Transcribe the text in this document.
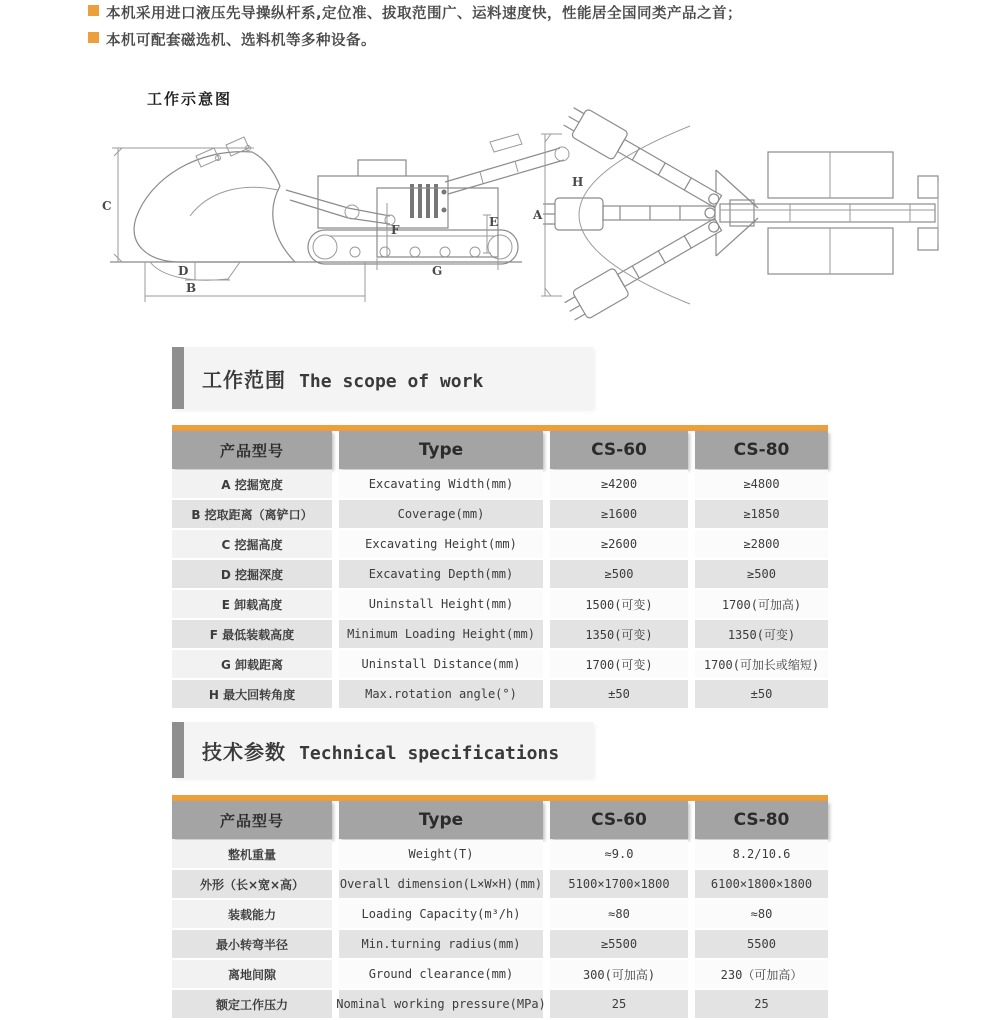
本机采用进口液压先导操纵杆系,定位准、拔取范围广、运料速度快，性能居全国同类产品之首；
本机可配套磁选机、选料机等多种设备。
工作示意图
C
D
B
F
E
G
H
A
工作范围 The scope of work
产品型号	Type	CS-60	CS-80
A 挖掘宽度	Excavating Width(mm)	≥4200	≥4800
B 挖取距离（离铲口）	Coverage(mm)	≥1600	≥1850
C 挖掘高度	Excavating Height(mm)	≥2600	≥2800
D 挖掘深度	Excavating Depth(mm)	≥500	≥500
E 卸载高度	Uninstall Height(mm)	1500(可变)	1700(可加高)
F 最低装载高度	Minimum Loading Height(mm)	1350(可变)	1350(可变)
G 卸载距离	Uninstall Distance(mm)	1700(可变)	1700(可加长或缩短)
H 最大回转角度	Max.rotation angle(°)	±50	±50
技术参数 Technical specifications
产品型号	Type	CS-60	CS-80
整机重量	Weight(T)	≈9.0	8.2/10.6
外形（长×宽×高）	Overall dimension(L×W×H)(mm)	5100×1700×1800	6100×1800×1800
装载能力	Loading Capacity(m³/h)	≈80	≈80
最小转弯半径	Min.turning radius(mm)	≥5500	5500
离地间隙	Ground clearance(mm)	300(可加高)	230（可加高）
额定工作压力	Nominal working pressure(MPa)	25	25
